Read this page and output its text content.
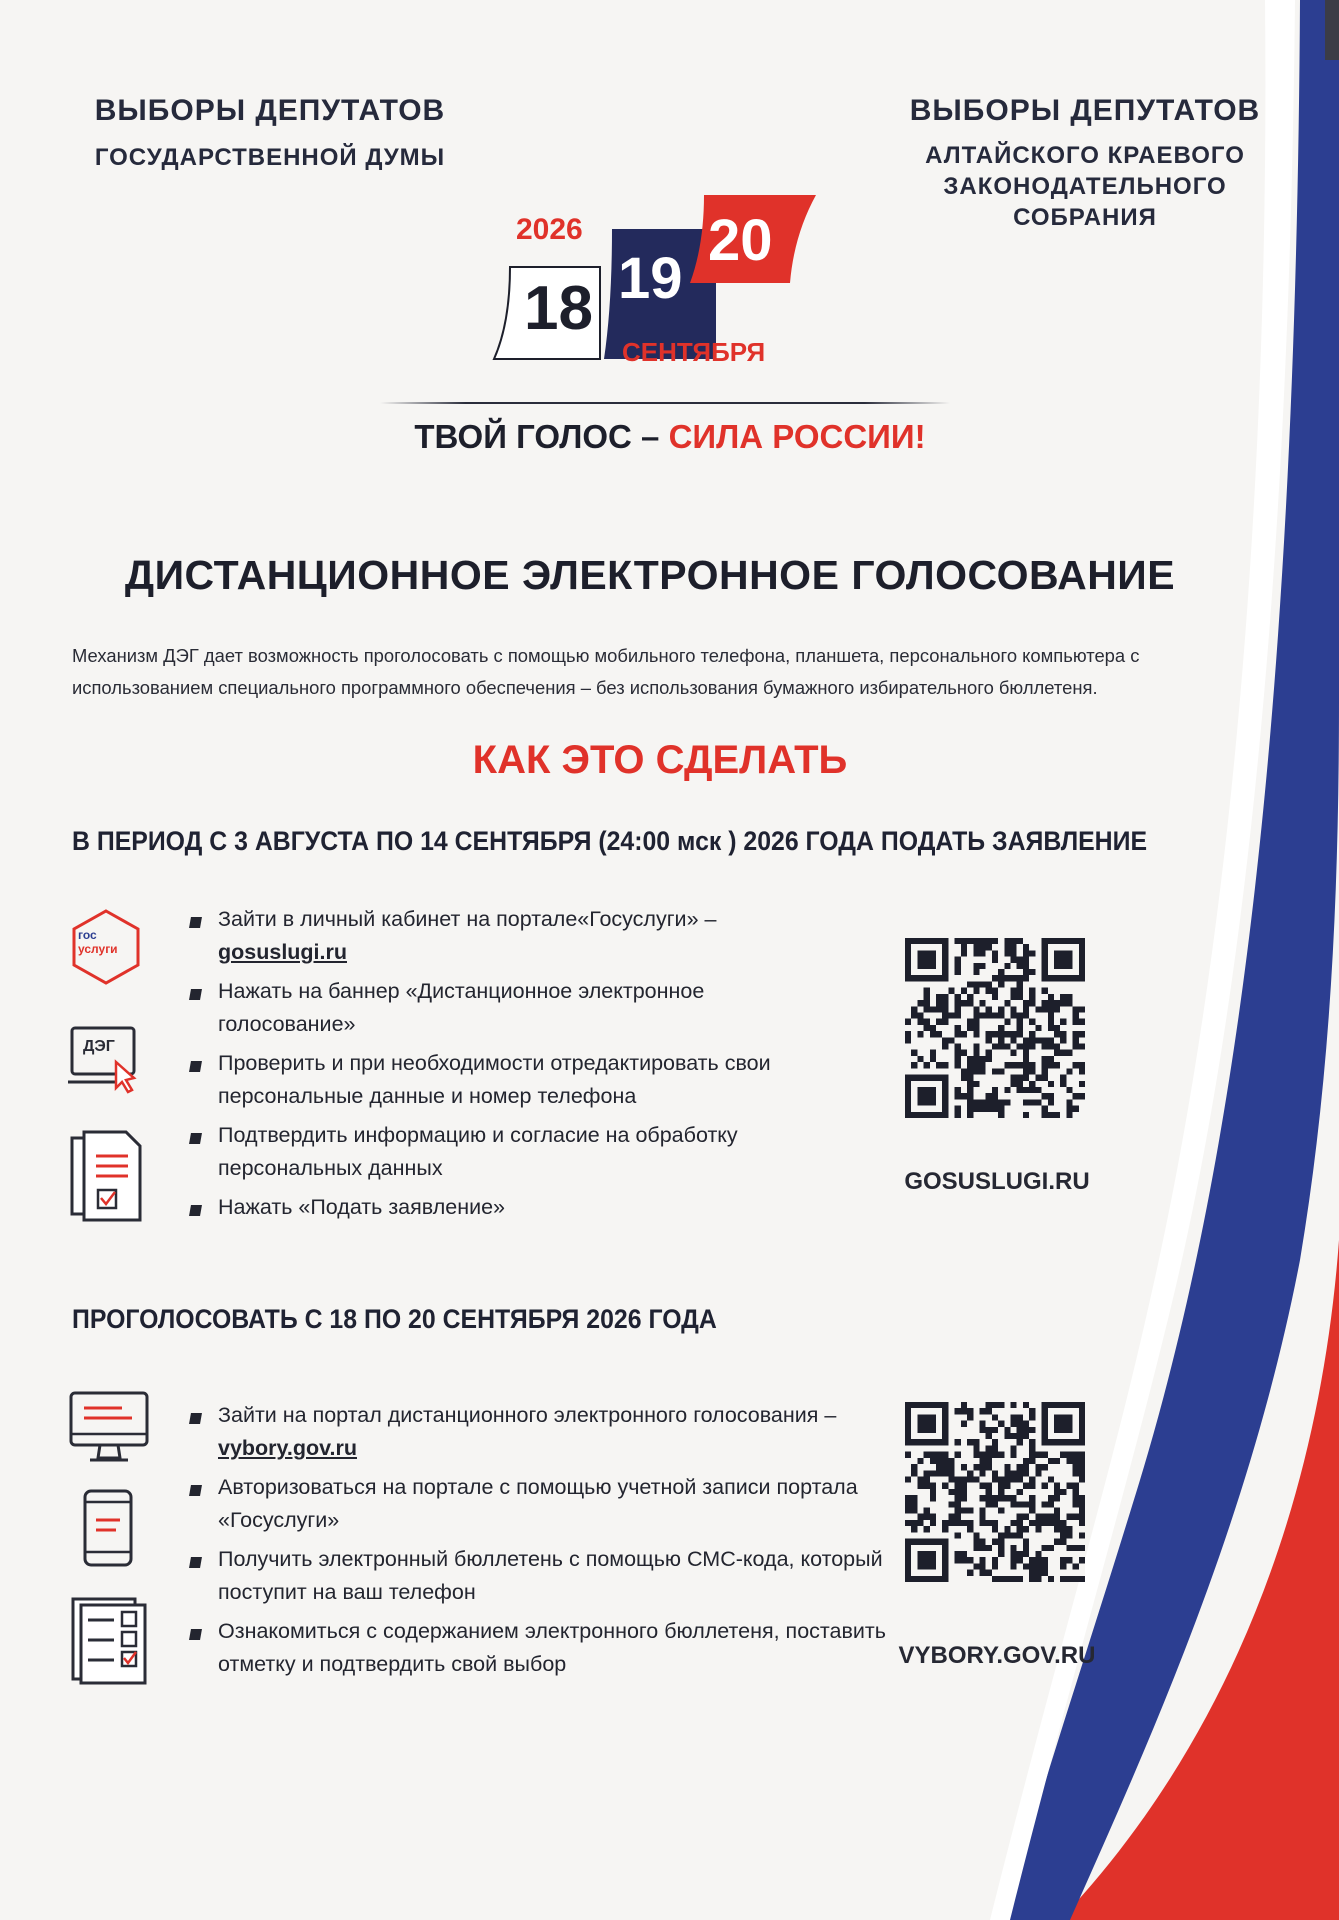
ВЫБОРЫ ДЕПУТАТОВ
ГОСУДАРСТВЕННОЙ ДУМЫ
ВЫБОРЫ ДЕПУТАТОВ
АЛТАЙСКОГО КРАЕВОГО
ЗАКОНОДАТЕЛЬНОГО
СОБРАНИЯ
2026
18 19
20
СЕНТЯБРЯ
ТВОЙ ГОЛОС – СИЛА РОССИИ!
ДИСТАНЦИОННОЕ ЭЛЕКТРОННОЕ ГОЛОСОВАНИЕ
Механизм ДЭГ дает возможность проголосовать с помощью мобильного телефона, планшета, персонального компьютера с использованием специального программного обеспечения – без использования бумажного избирательного бюллетеня.
КАК ЭТО СДЕЛАТЬ
В ПЕРИОД С 3 АВГУСТА ПО 14 СЕНТЯБРЯ (24:00 мск ) 2026 ГОДА ПОДАТЬ ЗАЯВЛЕНИЕ
гос
услуги
ДЭГ
Зайти в личный кабинет на портале«Госуслуги» –
gosuslugi.ru
Нажать на баннер «Дистанционное электронное голосование»
Проверить и при необходимости отредактировать свои персональные данные и номер телефона
Подтвердить информацию и согласие на обработку персональных данных
Нажать «Подать заявление»
GOSUSLUGI.RU
ПРОГОЛОСОВАТЬ С 18 ПО 20 СЕНТЯБРЯ 2026 ГОДА
Зайти на портал дистанционного электронного голосования –
vybory.gov.ru
Авторизоваться на портале с помощью учетной записи портала «Госуслуги»
Получить электронный бюллетень с помощью СМС-кода, который поступит на ваш телефон
Ознакомиться с содержанием электронного бюллетеня, поставить отметку и подтвердить свой выбор	VYBORY.GOV.RU
